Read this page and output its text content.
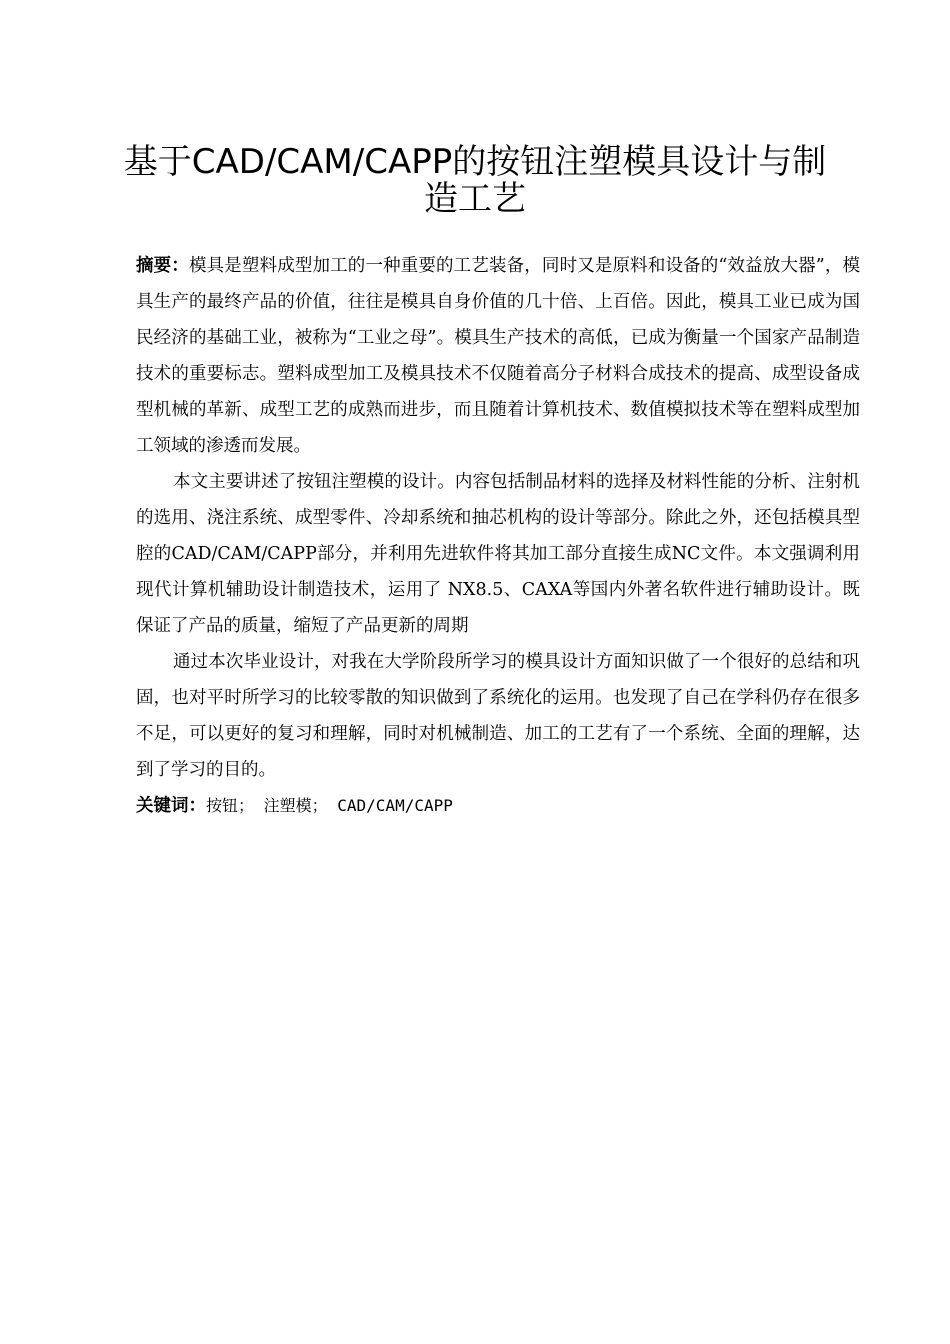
基于CAD/CAM/CAPP的按钮注塑模具设计与制造工艺

摘要：模具是塑料成型加工的一种重要的工艺装备，同时又是原料和设备的“效益放大器”，模具生产的最终产品的价值，往往是模具自身价值的几十倍、上百倍。因此，模具工业已成为国民经济的基础工业，被称为“工业之母”。模具生产技术的高低，已成为衡量一个国家产品制造技术的重要标志。塑料成型加工及模具技术不仅随着高分子材料合成技术的提高、成型设备成型机械的革新、成型工艺的成熟而进步，而且随着计算机技术、数值模拟技术等在塑料成型加工领域的渗透而发展。

本文主要讲述了按钮注塑模的设计。内容包括制品材料的选择及材料性能的分析、注射机的选用、浇注系统、成型零件、冷却系统和抽芯机构的设计等部分。除此之外，还包括模具型腔的CAD/CAM/CAPP部分，并利用先进软件将其加工部分直接生成NC文件。本文强调利用现代计算机辅助设计制造技术，运用了 NX8.5、CAXA等国内外著名软件进行辅助设计。既保证了产品的质量，缩短了产品更新的周期

通过本次毕业设计，对我在大学阶段所学习的模具设计方面知识做了一个很好的总结和巩固，也对平时所学习的比较零散的知识做到了系统化的运用。也发现了自己在学科仍存在很多不足，可以更好的复习和理解，同时对机械制造、加工的工艺有了一个系统、全面的理解，达到了学习的目的。

关键词：按钮； 注塑模； CAD/CAM/CAPP
